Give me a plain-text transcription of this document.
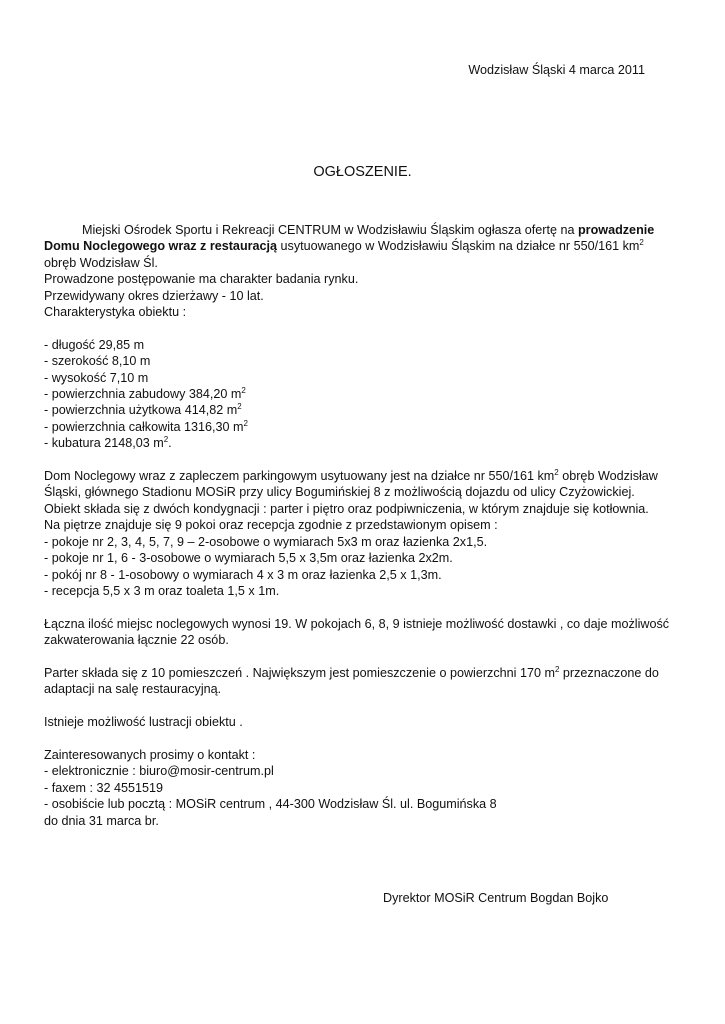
Wodzisław Śląski 4 marca 2011
OGŁOSZENIE.

Miejski Ośrodek Sportu i Rekreacji CENTRUM w Wodzisławiu Śląskim ogłasza ofertę na prowadzenie Domu Noclegowego wraz z restauracją usytuowanego w Wodzisławiu Śląskim na działce nr 550/161 $km^2$ obręb Wodzisław Śl.

Prowadzone postępowanie ma charakter badania rynku.

Przewidywany okres dzierżawy - 10 lat.

Charakterystyka obiektu :

- długość 29,85 m
- szerokość 8,10 m
- wysokość 7,10 m
- powierzchnia zabudowy 384,20 $m^2$
- powierzchnia użytkowa 414,82 $m^2$
- powierzchnia całkowita 1316,30 $m^2$
- kubatura 2148,03 $m^2$.

Dom Noclegowy wraz z zapleczem parkingowym usytuowany jest na działce nr 550/161 $km^2$ obręb Wodzisław Śląski, głównego Stadionu MOSiR przy ulicy Bogumińskiej 8 z możliwością dojazdu od ulicy Czyżowickiej. Obiekt składa się z dwóch kondygnacji : parter i piętro oraz podpiwniczenia, w którym znajduje się kotłownia.

Na piętrze znajduje się 9 pokoi oraz recepcja zgodnie z przedstawionym opisem :

- pokoje nr 2, 3, 4, 5, 7, 9 – 2-osobowe o wymiarach 5x3 m oraz łazienka 2x1,5.
- pokoje nr 1, 6 - 3-osobowe o wymiarach 5,5 x 3,5m oraz łazienka 2x2m.
- pokój nr 8 - 1-osobowy o wymiarach 4 x 3 m oraz łazienka 2,5 x 1,3m.
- recepcja 5,5 x 3 m oraz toaleta 1,5 x 1m.

Łączna ilość miejsc noclegowych wynosi 19. W pokojach 6, 8, 9 istnieje możliwość dostawki , co daje możliwość zakwaterowania łącznie 22 osób.

Parter składa się z 10 pomieszczeń . Największym jest pomieszczenie o powierzchni 170 $m^2$ przeznaczone do adaptacji na salę restauracyjną.

Istnieje możliwość lustracji obiektu .

Zainteresowanych prosimy o kontakt :

- elektronicznie : biuro@mosir-centrum.pl
- faxem : 32 4551519
- osobiście lub pocztą : MOSiR centrum , 44-300 Wodzisław Śl. ul. Bogumińska 8
do dnia 31 marca br.
Dyrektor MOSiR Centrum Bogdan Bojko
